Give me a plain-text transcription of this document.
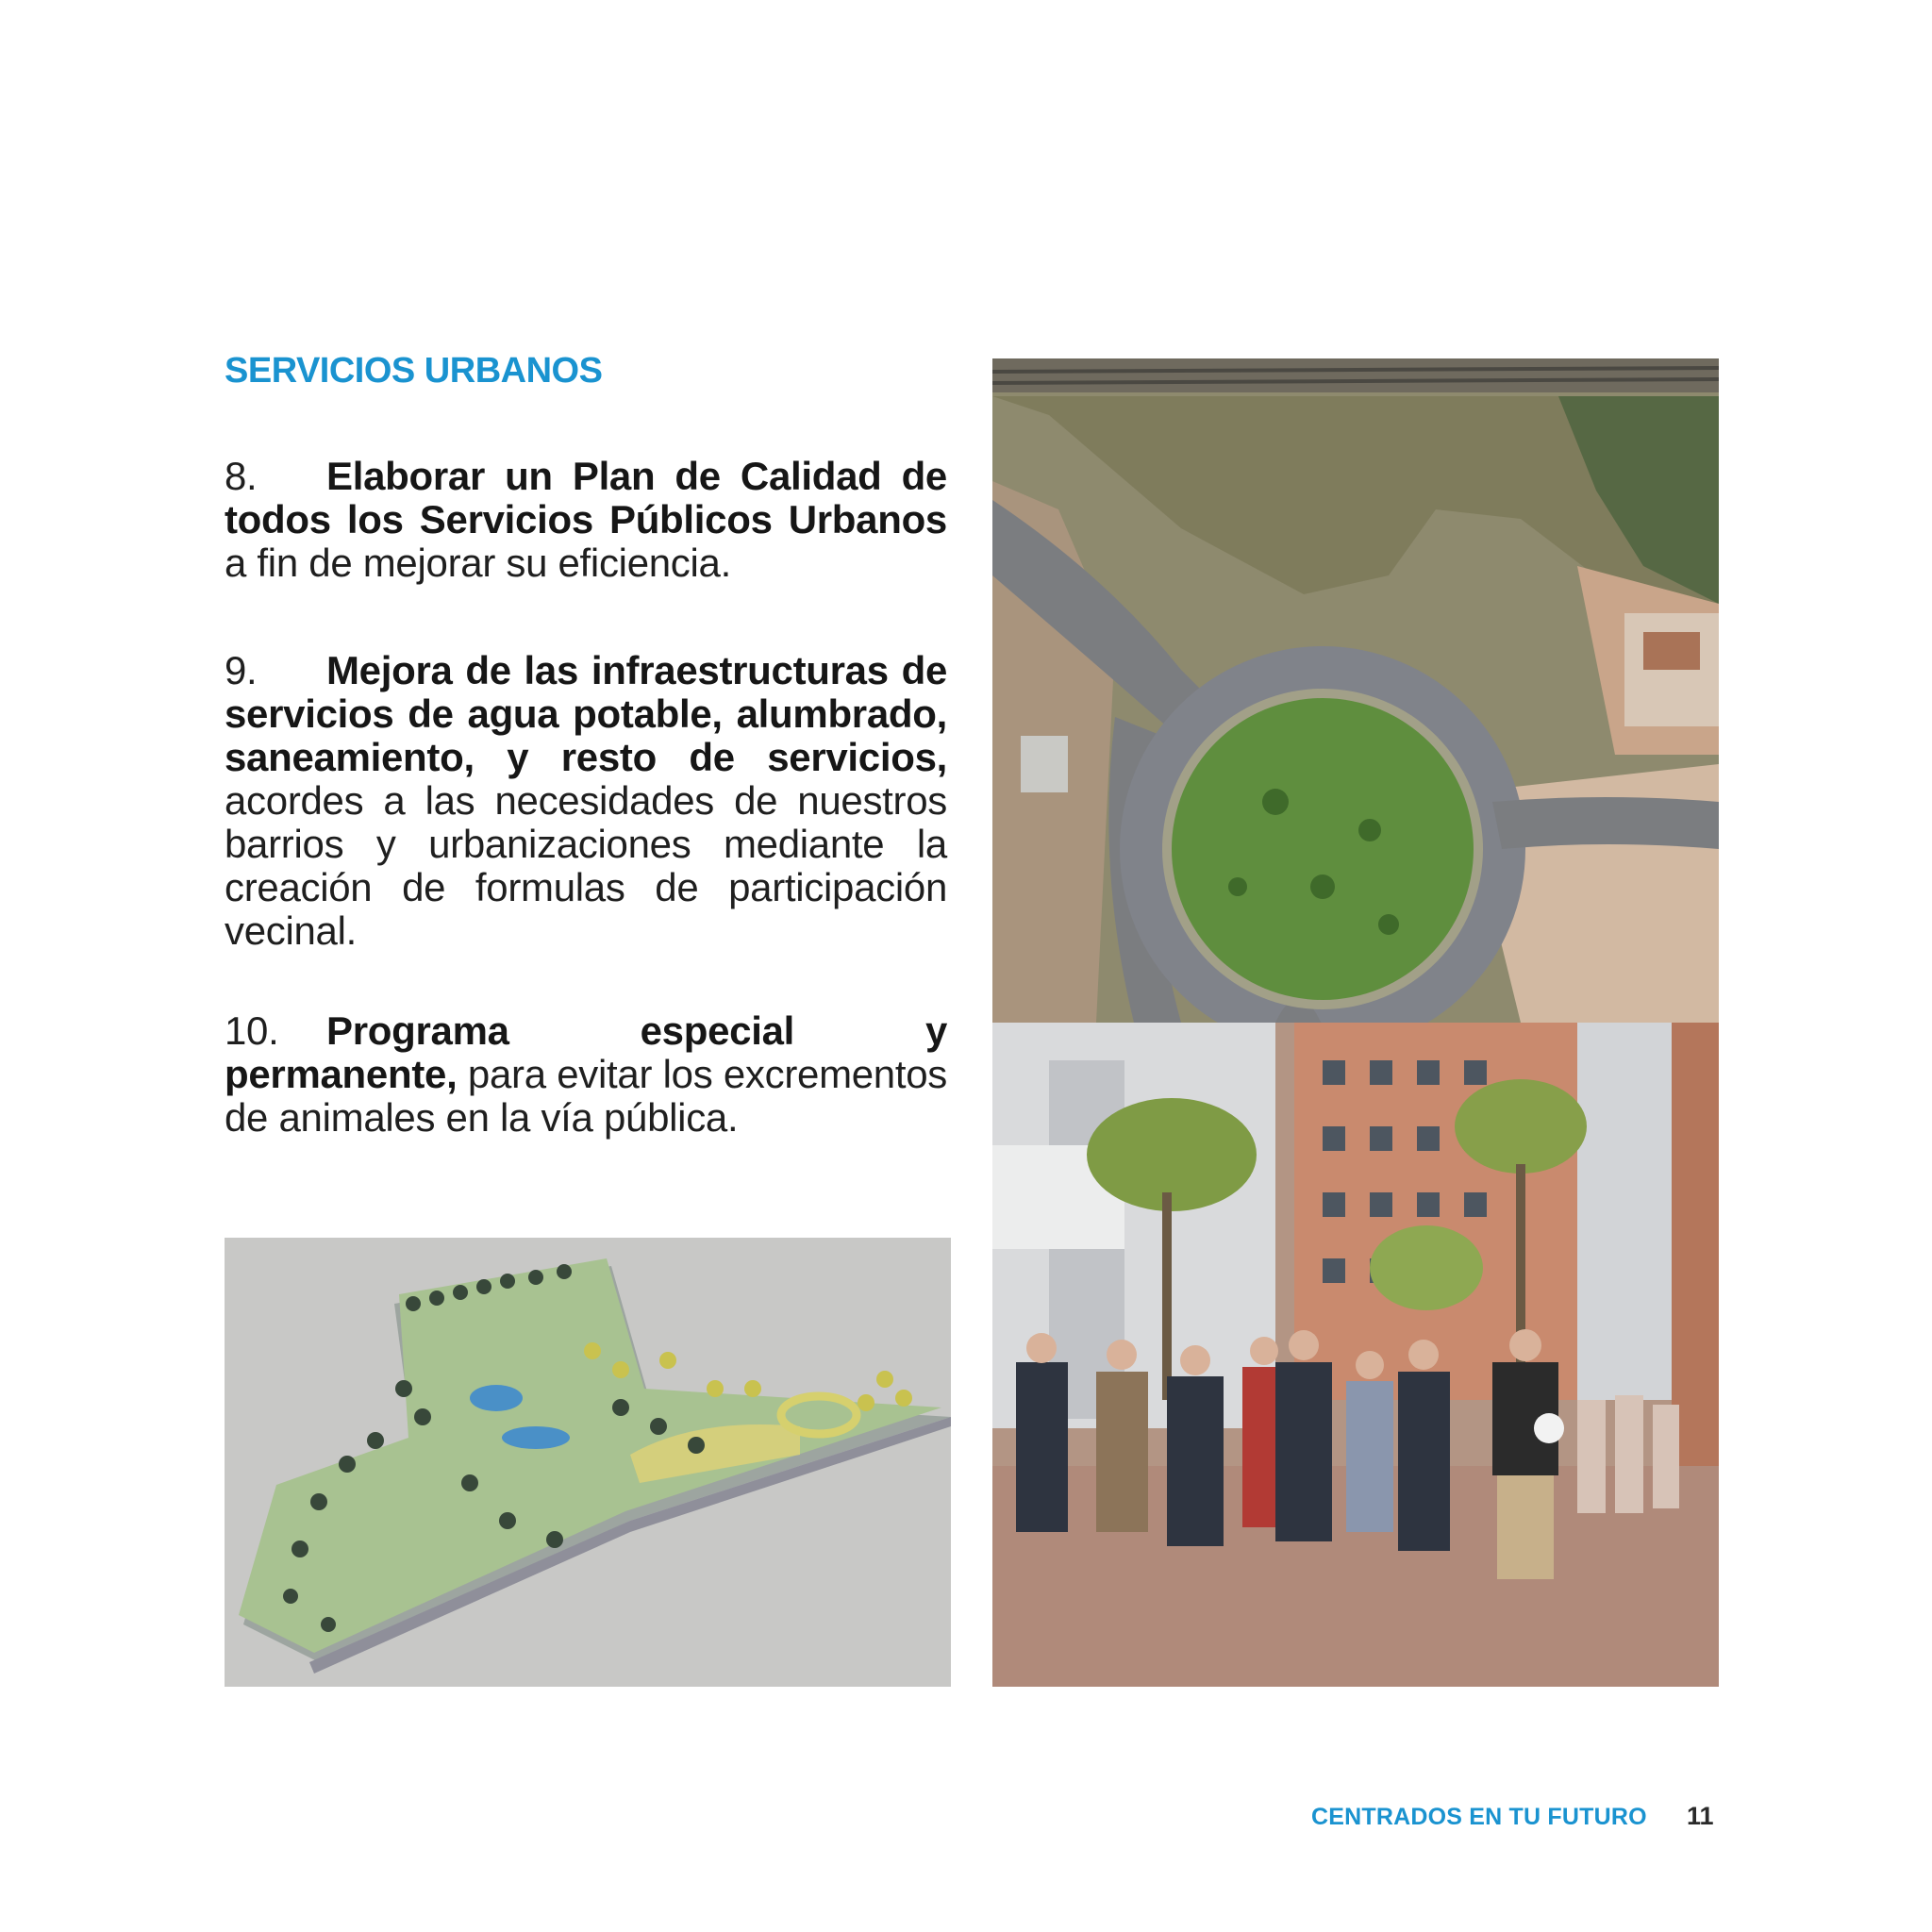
SERVICIOS URBANOS

8. Elaborar un Plan de Calidad de todos los Servicios Públicos Urbanos a fin de mejorar su eficiencia.

9. Mejora de las infraestructuras de servicios de agua potable, alumbrado, saneamiento, y resto de servicios, acordes a las necesidades de nuestros barrios y urbanizaciones mediante la creación de formulas de participación vecinal.

10. Programa especial y permanente, para evitar los excrementos de animales en la vía pública.

CENTRADOS EN TU FUTURO 11
